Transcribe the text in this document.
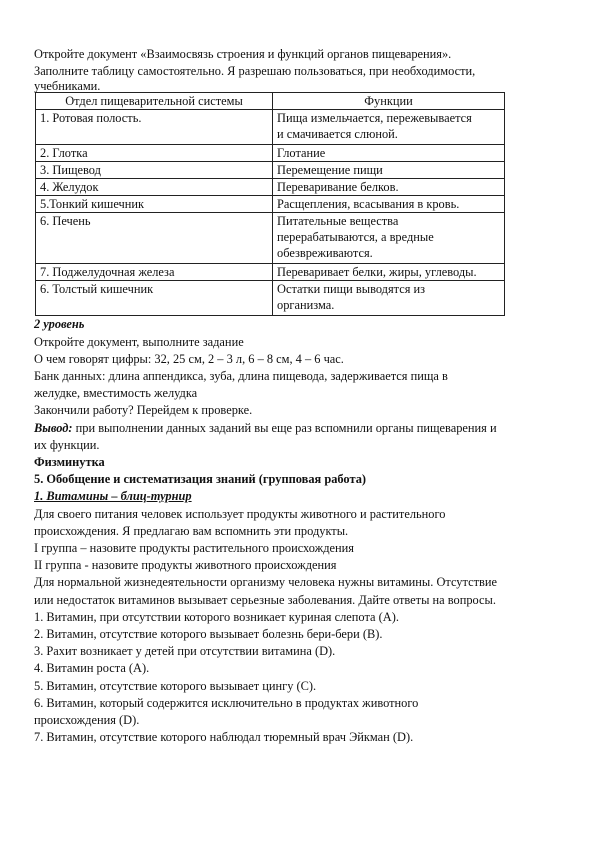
Откройте документ «Взаимосвязь строения и функций органов пищеварения».

Заполните таблицу самостоятельно. Я разрешаю пользоваться, при необходимости,

учебниками.

Отдел пищеварительной системы	Функции
1. Ротовая полость.	Пища измельчается, пережевывается
и смачивается слюной.

2. Глотка	Глотание
3. Пищевод	Перемещение пищи
4. Желудок	Переваривание белков.
5.Тонкий кишечник	Расщепления, всасывания в кровь.
6. Печень	Питательные вещества
перерабатываются, а вредные
обезвреживаются.

7. Поджелудочная железа	Переваривает белки, жиры, углеводы.
6. Толстый кишечник	Остатки пищи выводятся из
организма.

2 уровень

Откройте документ, выполните задание

О чем говорят цифры: 32, 25 см, 2 – 3 л, 6 – 8 см, 4 – 6 час.

Банк данных: длина аппендикса, зуба, длина пищевода, задерживается пища в

желудке, вместимость желудка

Закончили работу? Перейдем к проверке.

Вывод: при выполнении данных заданий вы еще раз вспомнили органы пищеварения и

их функции.

Физминутка

5. Обобщение и систематизация знаний (групповая работа)

1. Витамины – блиц-турнир

Для своего питания человек использует продукты животного и растительного

происхождения. Я предлагаю вам вспомнить эти продукты.

I группа – назовите продукты растительного происхождения

II группа - назовите продукты животного происхождения

Для нормальной жизнедеятельности организму человека нужны витамины. Отсутствие

или недостаток витаминов вызывает серьезные заболевания. Дайте ответы на вопросы.

1. Витамин, при отсутствии которого возникает куриная слепота (А).

2. Витамин, отсутствие которого вызывает болезнь бери-бери (В).

3. Рахит возникает у детей при отсутствии витамина (D).

4. Витамин роста (А).

5. Витамин, отсутствие которого вызывает цингу (С).

6. Витамин, который содержится исключительно в продуктах животного

происхождения (D).

7. Витамин, отсутствие которого наблюдал тюремный врач Эйкман (D).
